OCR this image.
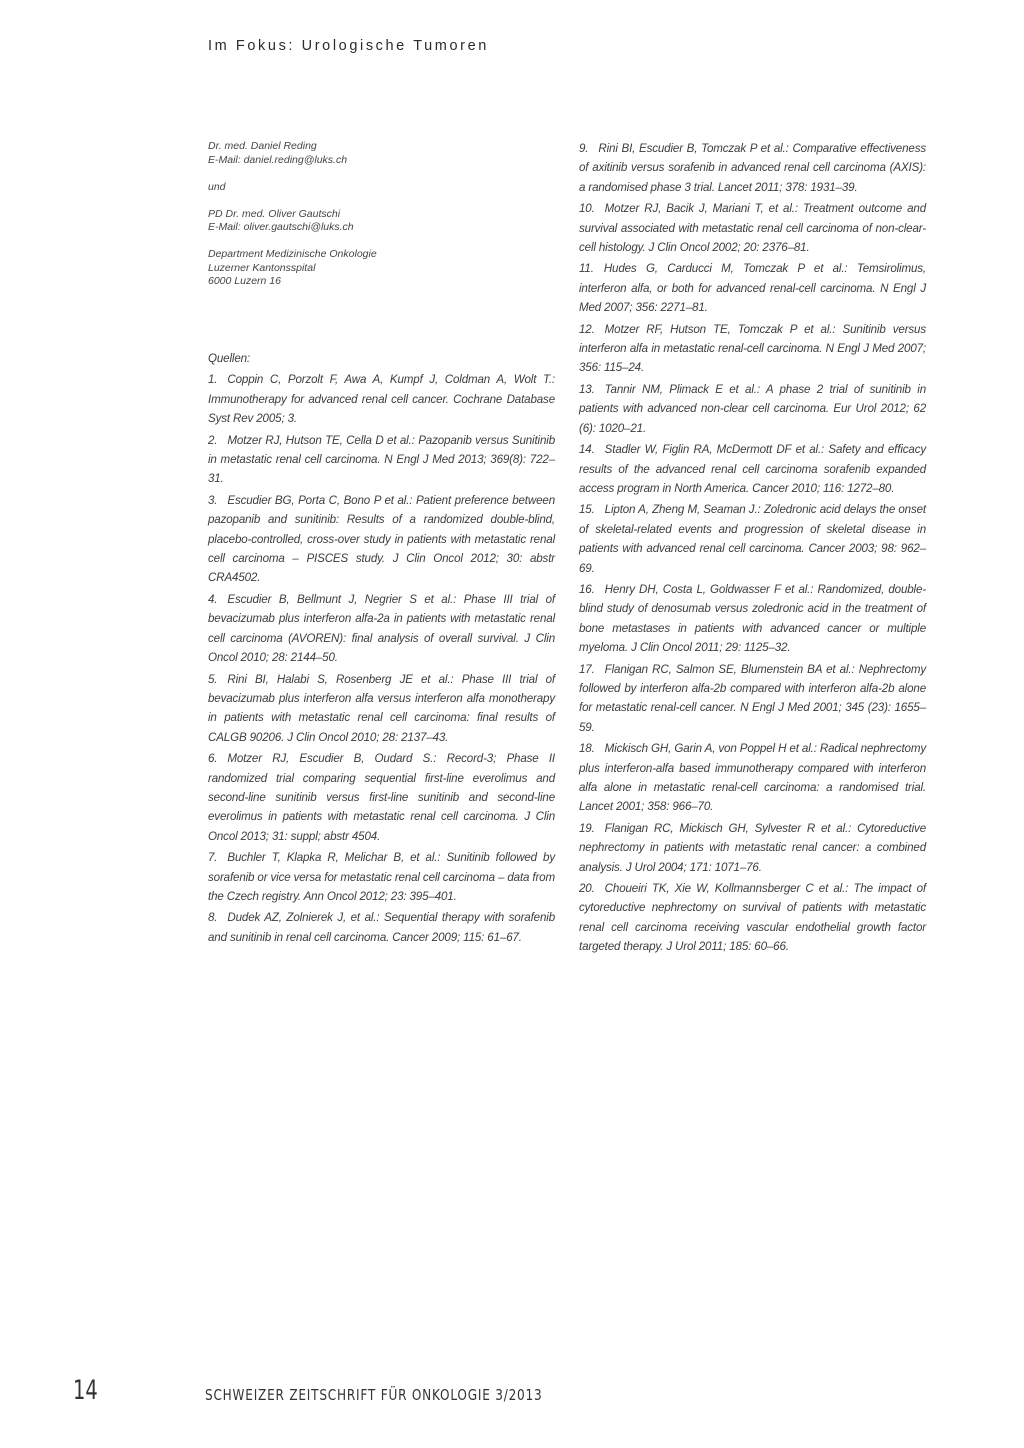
Im Fokus: Urologische Tumoren

Dr. med. Daniel Reding

E-Mail: daniel.reding@luks.ch

und

PD Dr. med. Oliver Gautschi

E-Mail: oliver.gautschi@luks.ch

Department Medizinische Onkologie

Luzerner Kantonsspital

6000 Luzern 16

Quellen:

1. Coppin C, Porzolt F, Awa A, Kumpf J, Coldman A, Wolt T.: Immunotherapy for advanced renal cell cancer. Cochrane Database Syst Rev 2005; 3.

2. Motzer RJ, Hutson TE, Cella D et al.: Pazopanib versus Sunitinib in metastatic renal cell carcinoma. N Engl J Med 2013; 369(8): 722–31.

3. Escudier BG, Porta C, Bono P et al.: Patient preference between pazopanib and sunitinib: Results of a randomized double-blind, placebo-controlled, cross-over study in patients with metastatic renal cell carcinoma – PISCES study. J Clin Oncol 2012; 30: abstr CRA4502.

4. Escudier B, Bellmunt J, Negrier S et al.: Phase III trial of bevacizumab plus interferon alfa-2a in patients with metastatic renal cell carcinoma (AVOREN): final analysis of overall survival. J Clin Oncol 2010; 28: 2144–50.

5. Rini BI, Halabi S, Rosenberg JE et al.: Phase III trial of bevacizumab plus interferon alfa versus interferon alfa monotherapy in patients with metastatic renal cell carcinoma: final results of CALGB 90206. J Clin Oncol 2010; 28: 2137–43.

6. Motzer RJ, Escudier B, Oudard S.: Record-3; Phase II randomized trial comparing sequential first-line everolimus and second-line sunitinib versus first-line sunitinib and second-line everolimus in patients with metastatic renal cell carcinoma. J Clin Oncol 2013; 31: suppl; abstr 4504.

7. Buchler T, Klapka R, Melichar B, et al.: Sunitinib followed by sorafenib or vice versa for metastatic renal cell carcinoma – data from the Czech registry. Ann Oncol 2012; 23: 395–401.

8. Dudek AZ, Zolnierek J, et al.: Sequential therapy with sorafenib and sunitinib in renal cell carcinoma. Cancer 2009; 115: 61–67.

9. Rini BI, Escudier B, Tomczak P et al.: Comparative effectiveness of axitinib versus sorafenib in advanced renal cell carcinoma (AXIS): a randomised phase 3 trial. Lancet 2011; 378: 1931–39.

10. Motzer RJ, Bacik J, Mariani T, et al.: Treatment outcome and survival associated with metastatic renal cell carcinoma of non-clear-cell histology. J Clin Oncol 2002; 20: 2376–81.

11. Hudes G, Carducci M, Tomczak P et al.: Temsirolimus, interferon alfa, or both for advanced renal-cell carcinoma. N Engl J Med 2007; 356: 2271–81.

12. Motzer RF, Hutson TE, Tomczak P et al.: Sunitinib versus interferon alfa in metastatic renal-cell carcinoma. N Engl J Med 2007; 356: 115–24.

13. Tannir NM, Plimack E et al.: A phase 2 trial of sunitinib in patients with advanced non-clear cell carcinoma. Eur Urol 2012; 62 (6): 1020–21.

14. Stadler W, Figlin RA, McDermott DF et al.: Safety and efficacy results of the advanced renal cell carcinoma sorafenib expanded access program in North America. Cancer 2010; 116: 1272–80.

15. Lipton A, Zheng M, Seaman J.: Zoledronic acid delays the onset of skeletal-related events and progression of skeletal disease in patients with advanced renal cell carcinoma. Cancer 2003; 98: 962–69.

16. Henry DH, Costa L, Goldwasser F et al.: Randomized, double-blind study of denosumab versus zoledronic acid in the treatment of bone metastases in patients with advanced cancer or multiple myeloma. J Clin Oncol 2011; 29: 1125–32.

17. Flanigan RC, Salmon SE, Blumenstein BA et al.: Nephrectomy followed by interferon alfa-2b compared with interferon alfa-2b alone for metastatic renal-cell cancer. N Engl J Med 2001; 345 (23): 1655–59.

18. Mickisch GH, Garin A, von Poppel H et al.: Radical nephrectomy plus interferon-alfa based immunotherapy compared with interferon alfa alone in metastatic renal-cell carcinoma: a randomised trial. Lancet 2001; 358: 966–70.

19. Flanigan RC, Mickisch GH, Sylvester R et al.: Cytoreductive nephrectomy in patients with metastatic renal cancer: a combined analysis. J Urol 2004; 171: 1071–76.

20. Choueiri TK, Xie W, Kollmannsberger C et al.: The impact of cytoreductive nephrectomy on survival of patients with metastatic renal cell carcinoma receiving vascular endothelial growth factor targeted therapy. J Urol 2011; 185: 60–66.

14	SCHWEIZER ZEITSCHRIFT FÜR ONKOLOGIE 3/2013
